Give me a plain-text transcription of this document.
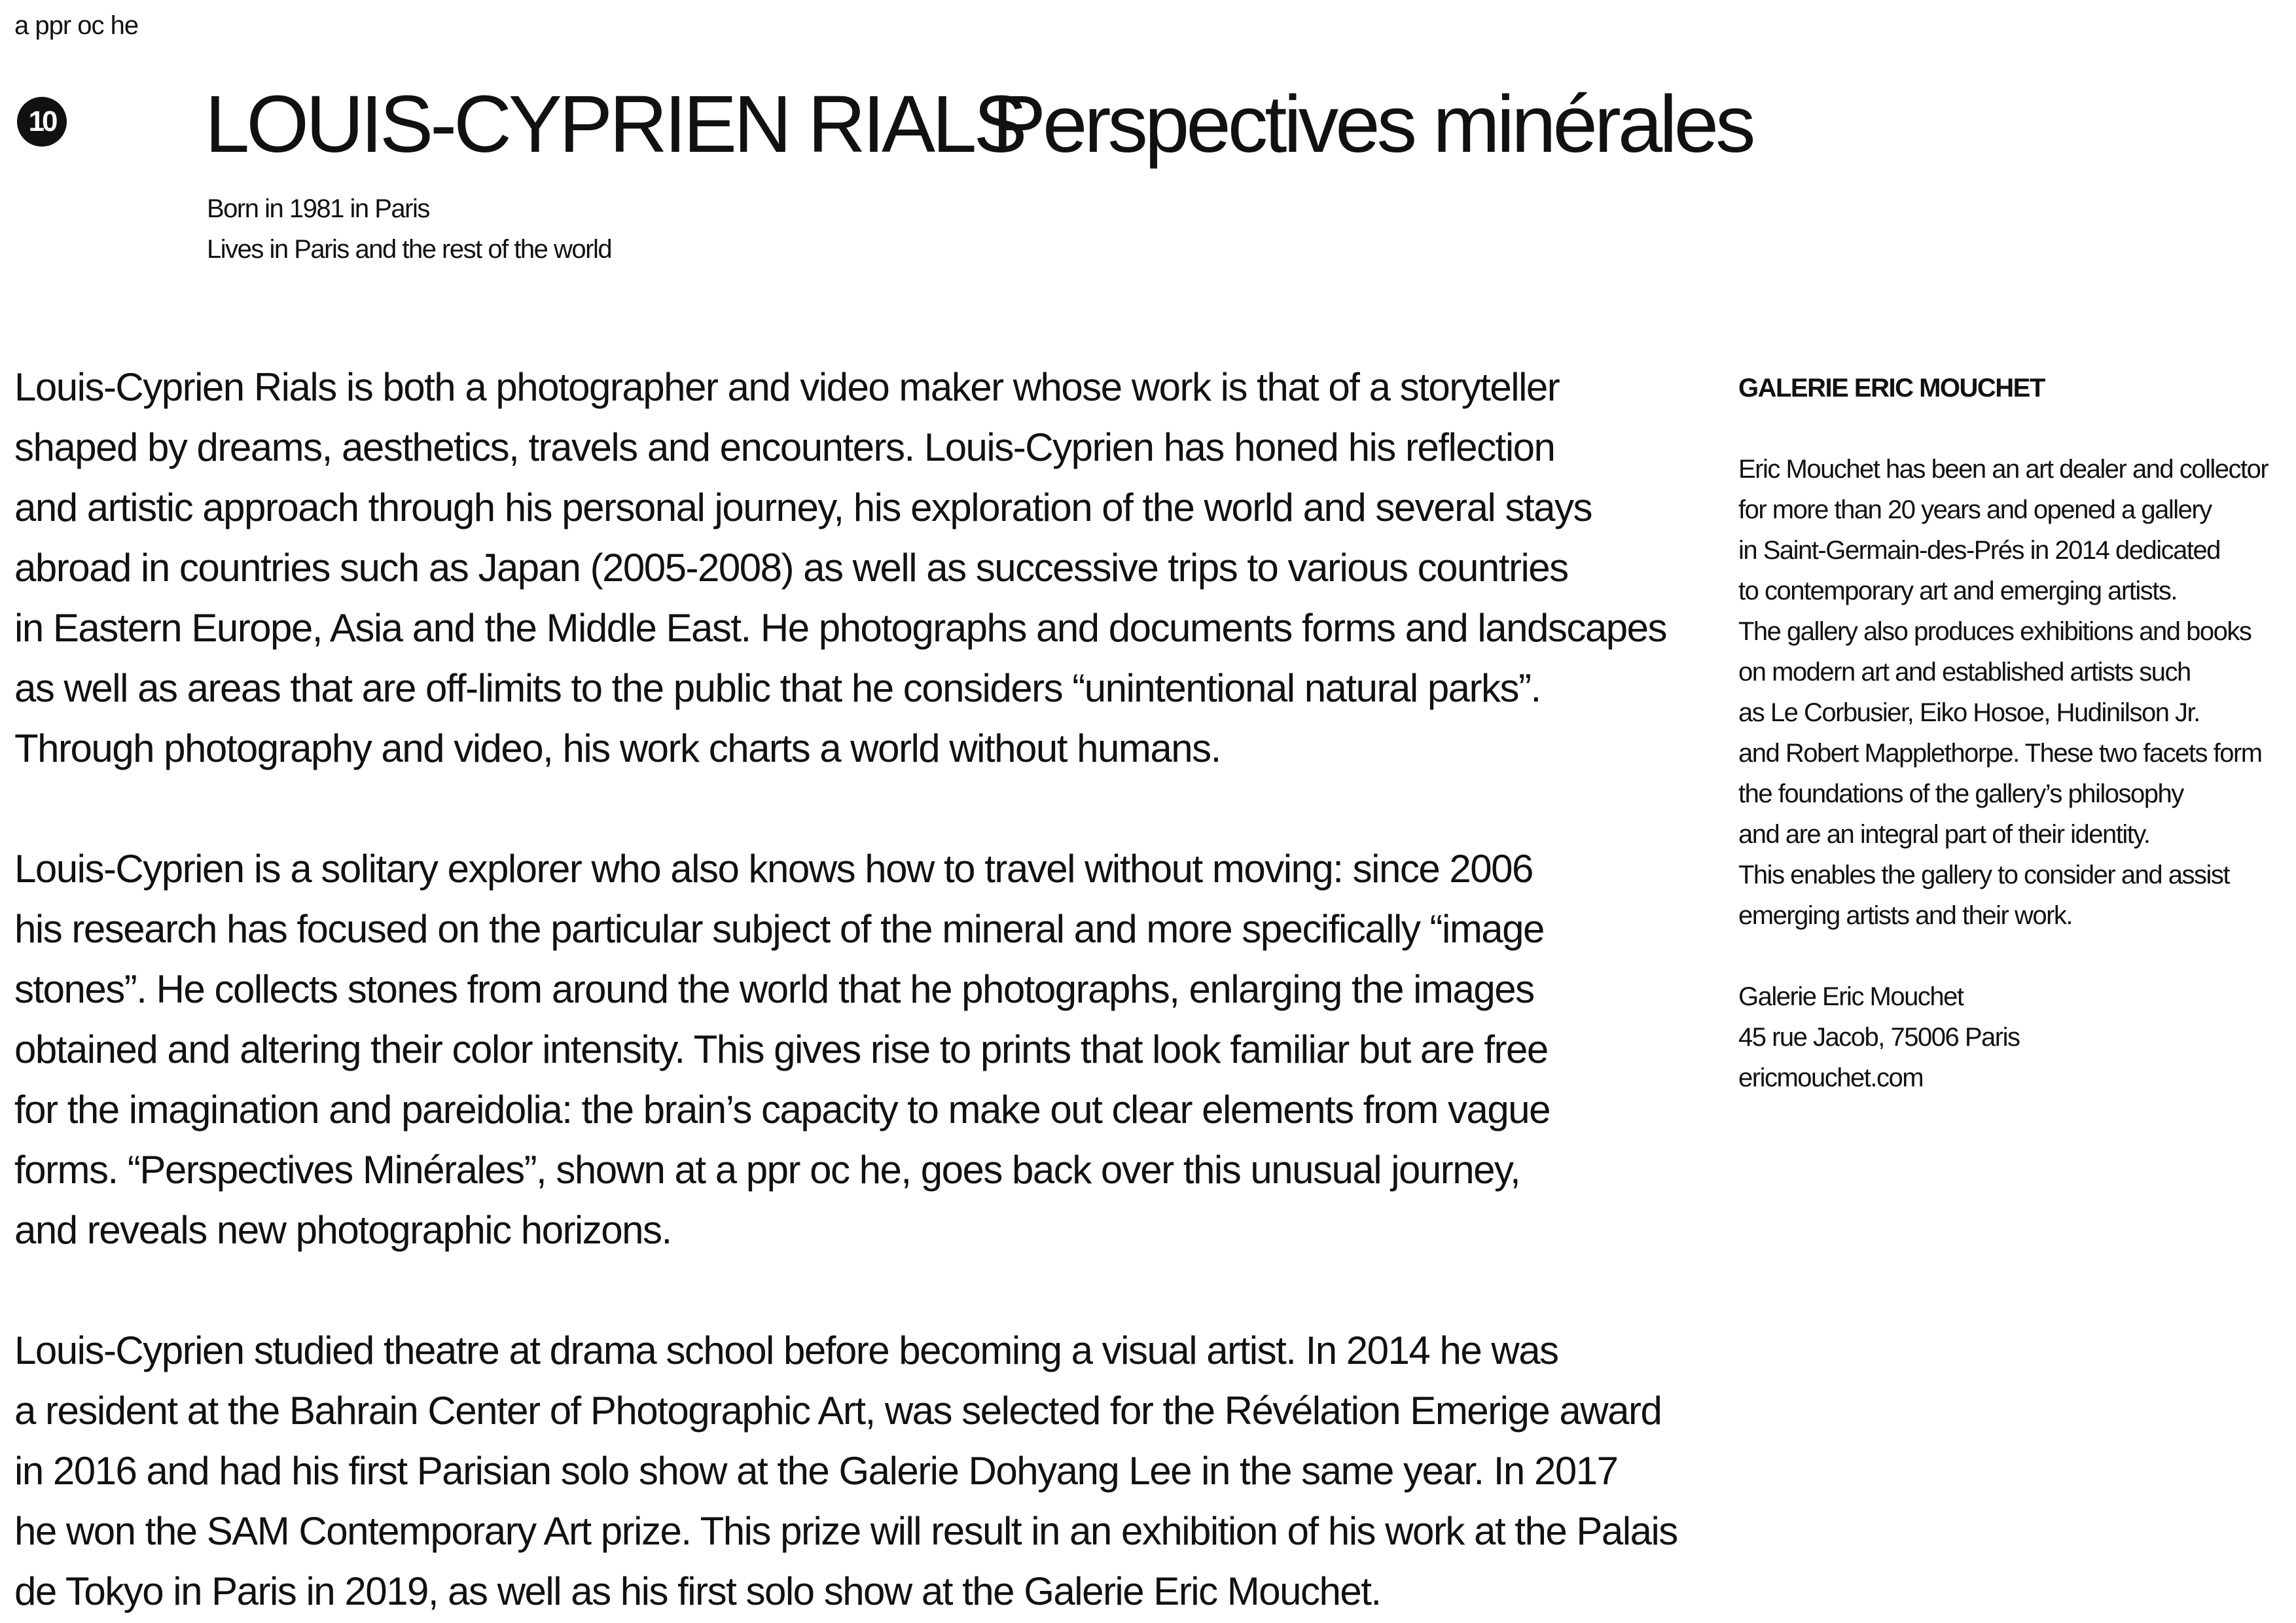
a ppr oc he
10 LOUIS-CYPRIEN RIALS
Perspectives minérales
Born in 1981 in Paris
Lives in Paris and the rest of the world
Louis-Cyprien Rials is both a photographer and video maker whose work is that of a storyteller
shaped by dreams, aesthetics, travels and encounters. Louis-Cyprien has honed his reflection
and artistic approach through his personal journey, his exploration of the world and several stays
abroad in countries such as Japan (2005-2008) as well as successive trips to various countries
in Eastern Europe, Asia and the Middle East. He photographs and documents forms and landscapes
as well as areas that are off-limits to the public that he considers “unintentional natural parks”.
Through photography and video, his work charts a world without humans.
Louis-Cyprien is a solitary explorer who also knows how to travel without moving: since 2006
his research has focused on the particular subject of the mineral and more specifically “image
stones”. He collects stones from around the world that he photographs, enlarging the images
obtained and altering their color intensity. This gives rise to prints that look familiar but are free
for the imagination and pareidolia: the brain’s capacity to make out clear elements from vague
forms. “Perspectives Minérales”, shown at a ppr oc he, goes back over this unusual journey,
and reveals new photographic horizons.
Louis-Cyprien studied theatre at drama school before becoming a visual artist. In 2014 he was
a resident at the Bahrain Center of Photographic Art, was selected for the Révélation Emerige award
in 2016 and had his first Parisian solo show at the Galerie Dohyang Lee in the same year. In 2017
he won the SAM Contemporary Art prize. This prize will result in an exhibition of his work at the Palais
de Tokyo in Paris in 2019, as well as his first solo show at the Galerie Eric Mouchet.
GALERIE ERIC MOUCHET
Eric Mouchet has been an art dealer and collector
for more than 20 years and opened a gallery
in Saint-Germain-des-Prés in 2014 dedicated
to contemporary art and emerging artists.
The gallery also produces exhibitions and books
on modern art and established artists such
as Le Corbusier, Eiko Hosoe, Hudinilson Jr.
and Robert Mapplethorpe. These two facets form
the foundations of the gallery’s philosophy
and are an integral part of their identity.
This enables the gallery to consider and assist
emerging artists and their work.
Galerie Eric Mouchet
45 rue Jacob, 75006 Paris
ericmouchet.com
